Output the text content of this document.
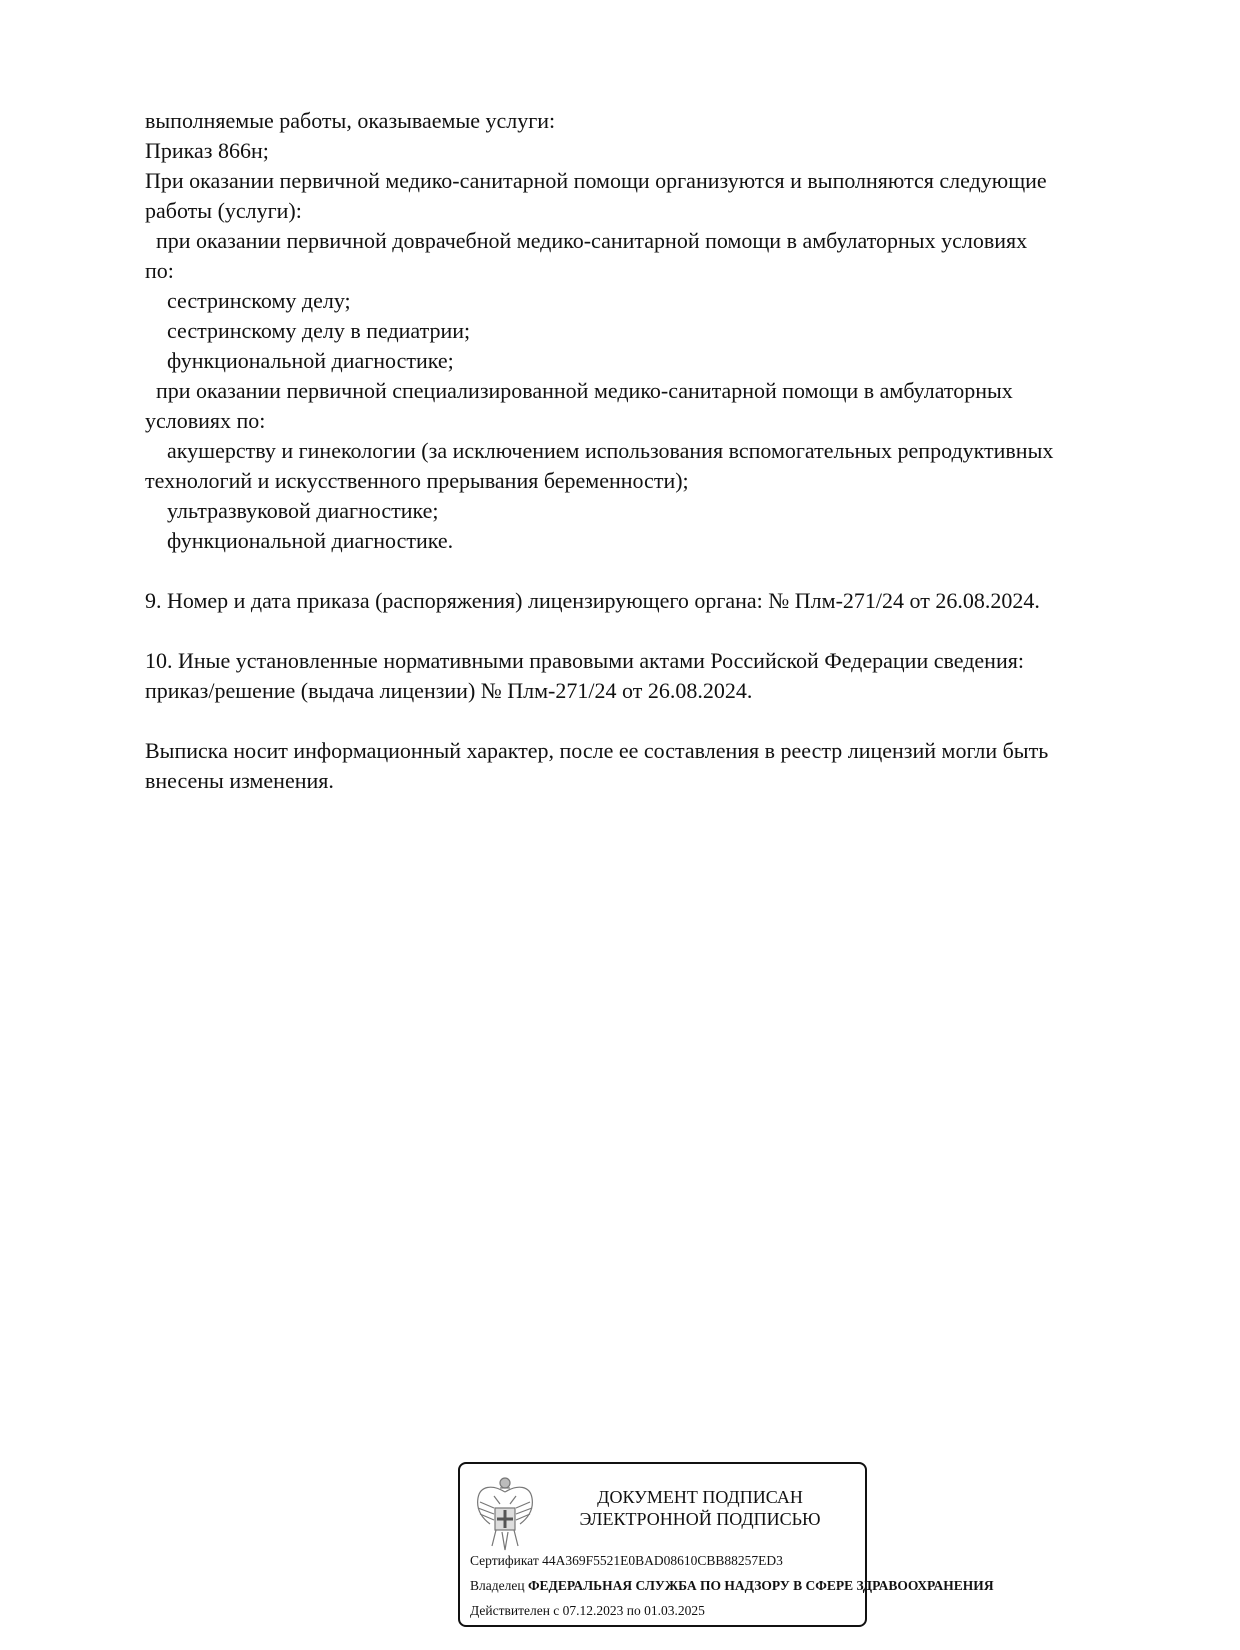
выполняемые работы, оказываемые услуги:
Приказ 866н;
При оказании первичной медико-санитарной помощи организуются и выполняются следующие
работы (услуги):
при оказании первичной доврачебной медико-санитарной помощи в амбулаторных условиях
по:
сестринскому делу;
сестринскому делу в педиатрии;
функциональной диагностике;
при оказании первичной специализированной медико-санитарной помощи в амбулаторных
условиях по:
акушерству и гинекологии (за исключением использования вспомогательных репродуктивных
технологий и искусственного прерывания беременности);
ультразвуковой диагностике;
функциональной диагностике.
9. Номер и дата приказа (распоряжения) лицензирующего органа: № Плм-271/24 от 26.08.2024.
10. Иные установленные нормативными правовыми актами Российской Федерации сведения:
приказ/решение (выдача лицензии) № Плм-271/24 от 26.08.2024.
Выписка носит информационный характер, после ее составления в реестр лицензий могли быть
внесены изменения.
ДОКУМЕНТ ПОДПИСАН
ЭЛЕКТРОННОЙ ПОДПИСЬЮ
Сертификат 44A369F5521E0BAD08610CBB88257ED3
Владелец ФЕДЕРАЛЬНАЯ СЛУЖБА ПО НАДЗОРУ В СФЕРЕ ЗДРАВООХРАНЕНИЯ
Действителен с 07.12.2023 по 01.03.2025
